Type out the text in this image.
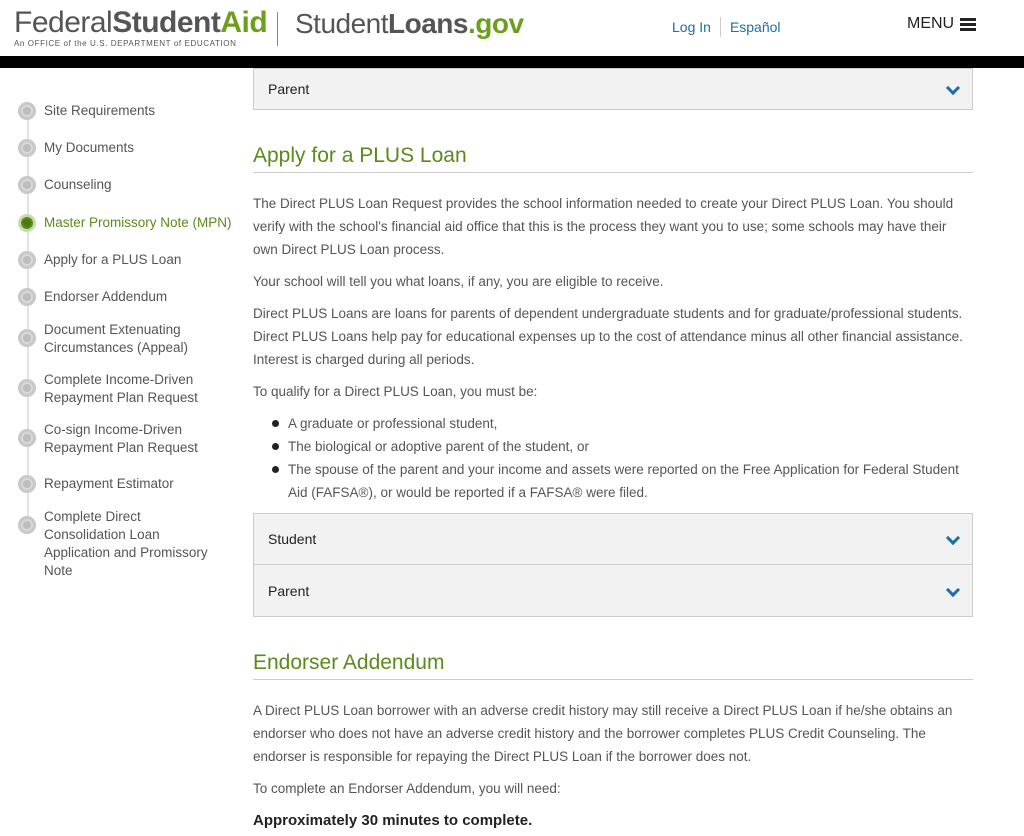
FederalStudentAid
An OFFICE of the U.S. DEPARTMENT of EDUCATION
StudentLoans.gov	Log In Español	MENU
Site Requirements
My Documents
Counseling
Master Promissory Note (MPN)
Apply for a PLUS Loan
Endorser Addendum
Document Extenuating Circumstances (Appeal)
Complete Income-Driven Repayment Plan Request
Co-sign Income-Driven Repayment Plan Request
Repayment Estimator
Complete Direct Consolidation Loan Application and Promissory Note
Parent
Apply for a PLUS Loan

The Direct PLUS Loan Request provides the school information needed to create your Direct PLUS Loan. You should verify with the school's financial aid office that this is the process they want you to use; some schools may have their own Direct PLUS Loan process.

Your school will tell you what loans, if any, you are eligible to receive.

Direct PLUS Loans are loans for parents of dependent undergraduate students and for graduate/professional students. Direct PLUS Loans help pay for educational expenses up to the cost of attendance minus all other financial assistance. Interest is charged during all periods.

To qualify for a Direct PLUS Loan, you must be:

A graduate or professional student,
The biological or adoptive parent of the student, or
The spouse of the parent and your income and assets were reported on the Free Application for Federal Student Aid (FAFSA®), or would be reported if a FAFSA® were filed.
Student
Parent
Endorser Addendum

A Direct PLUS Loan borrower with an adverse credit history may still receive a Direct PLUS Loan if he/she obtains an endorser who does not have an adverse credit history and the borrower completes PLUS Credit Counseling. The endorser is responsible for repaying the Direct PLUS Loan if the borrower does not.

To complete an Endorser Addendum, you will need:

Approximately 30 minutes to complete.
